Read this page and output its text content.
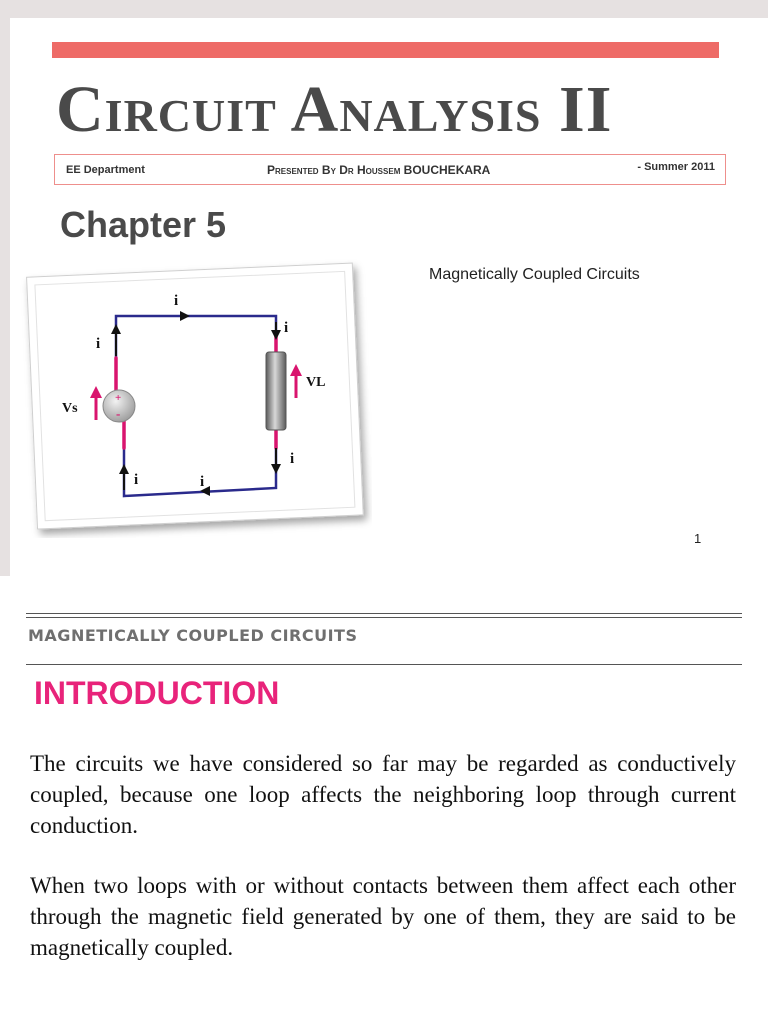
Circuit Analysis II
EE Department	Presented By Dr Houssem BOUCHEKARA	- Summer 2011
Chapter 5
Magnetically Coupled Circuits
i
i
i
i
i
i
Vs
VL
+
-
1
MAGNETICALLY COUPLED CIRCUITS
INTRODUCTION

The circuits we have considered so far may be regarded as conductively coupled, because one loop affects the neighboring loop through current conduction.

When two loops with or without contacts between them affect each other through the magnetic field generated by one of them, they are said to be magnetically coupled.
